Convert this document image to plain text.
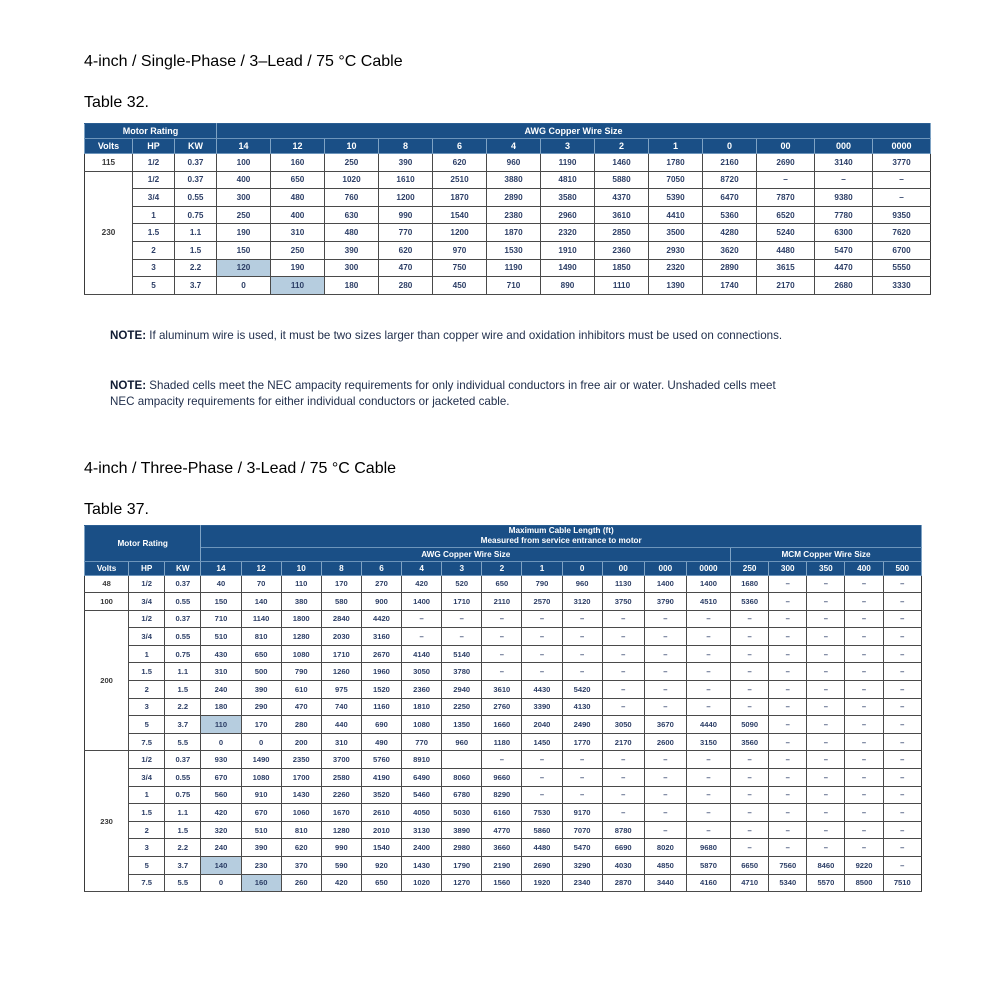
4-inch / Single-Phase / 3–Lead / 75 °C Cable
Table 32.
Motor Rating			AWG Copper Wire Size												
Volts	HP	KW	14	12	10	8	6	4	3	2	1	0	00	000	0000
115	1/2	0.37	100	160	250	390	620	960	1190	1460	1780	2160	2690	3140	3770
230	1/2	0.37	400	650	1020	1610	2510	3880	4810	5880	7050	8720	–	–	–
	3/4	0.55	300	480	760	1200	1870	2890	3580	4370	5390	6470	7870	9380	–
	1	0.75	250	400	630	990	1540	2380	2960	3610	4410	5360	6520	7780	9350
	1.5	1.1	190	310	480	770	1200	1870	2320	2850	3500	4280	5240	6300	7620
	2	1.5	150	250	390	620	970	1530	1910	2360	2930	3620	4480	5470	6700
	3	2.2	120	190	300	470	750	1190	1490	1850	2320	2890	3615	4470	5550
	5	3.7	0	110	180	280	450	710	890	1110	1390	1740	2170	2680	3330
NOTE: If aluminum wire is used, it must be two sizes larger than copper wire and oxidation inhibitors must be used on connections.
NOTE: Shaded cells meet the NEC ampacity requirements for only individual conductors in free air or water. Unshaded cells meet NEC ampacity requirements for either individual conductors or jacketed cable.
4-inch / Three-Phase / 3-Lead / 75 °C Cable
Table 37.
Motor Rating			Maximum Cable Length (ft)
Measured from service entrance to motor																	

			AWG Copper Wire Size													MCM Copper Wire Size				
Volts	HP	KW	14	12	10	8	6	4	3	2	1	0	00	000	0000	250	300	350	400	500
48	1/2	0.37	40	70	110	170	270	420	520	650	790	960	1130	1400	1400	1680	–	–	–	–
100	3/4	0.55	150	140	380	580	900	1400	1710	2110	2570	3120	3750	3790	4510	5360	–	–	–	–
200	1/2	0.37	710	1140	1800	2840	4420	–	–	–	–	–	–	–	–	–	–	–	–	–
	3/4	0.55	510	810	1280	2030	3160	–	–	–	–	–	–	–	–	–	–	–	–	–
	1	0.75	430	650	1080	1710	2670	4140	5140	–	–	–	–	–	–	–	–	–	–	–
	1.5	1.1	310	500	790	1260	1960	3050	3780	–	–	–	–	–	–	–	–	–	–	–
	2	1.5	240	390	610	975	1520	2360	2940	3610	4430	5420	–	–	–	–	–	–	–	–
	3	2.2	180	290	470	740	1160	1810	2250	2760	3390	4130	–	–	–	–	–	–	–	–
	5	3.7	110	170	280	440	690	1080	1350	1660	2040	2490	3050	3670	4440	5090	–	–	–	–
	7.5	5.5	0	0	200	310	490	770	960	1180	1450	1770	2170	2600	3150	3560	–	–	–	–
230	1/2	0.37	930	1490	2350	3700	5760	8910		–	–	–	–	–	–	–	–	–	–	–
	3/4	0.55	670	1080	1700	2580	4190	6490	8060	9660	–	–	–	–	–	–	–	–	–	–
	1	0.75	560	910	1430	2260	3520	5460	6780	8290	–	–	–	–	–	–	–	–	–	–
	1.5	1.1	420	670	1060	1670	2610	4050	5030	6160	7530	9170	–	–	–	–	–	–	–	–
	2	1.5	320	510	810	1280	2010	3130	3890	4770	5860	7070	8780	–	–	–	–	–	–	–
	3	2.2	240	390	620	990	1540	2400	2980	3660	4480	5470	6690	8020	9680	–	–	–	–	–
	5	3.7	140	230	370	590	920	1430	1790	2190	2690	3290	4030	4850	5870	6650	7560	8460	9220	–
	7.5	5.5	0	160	260	420	650	1020	1270	1560	1920	2340	2870	3440	4160	4710	5340	5570	8500	7510
